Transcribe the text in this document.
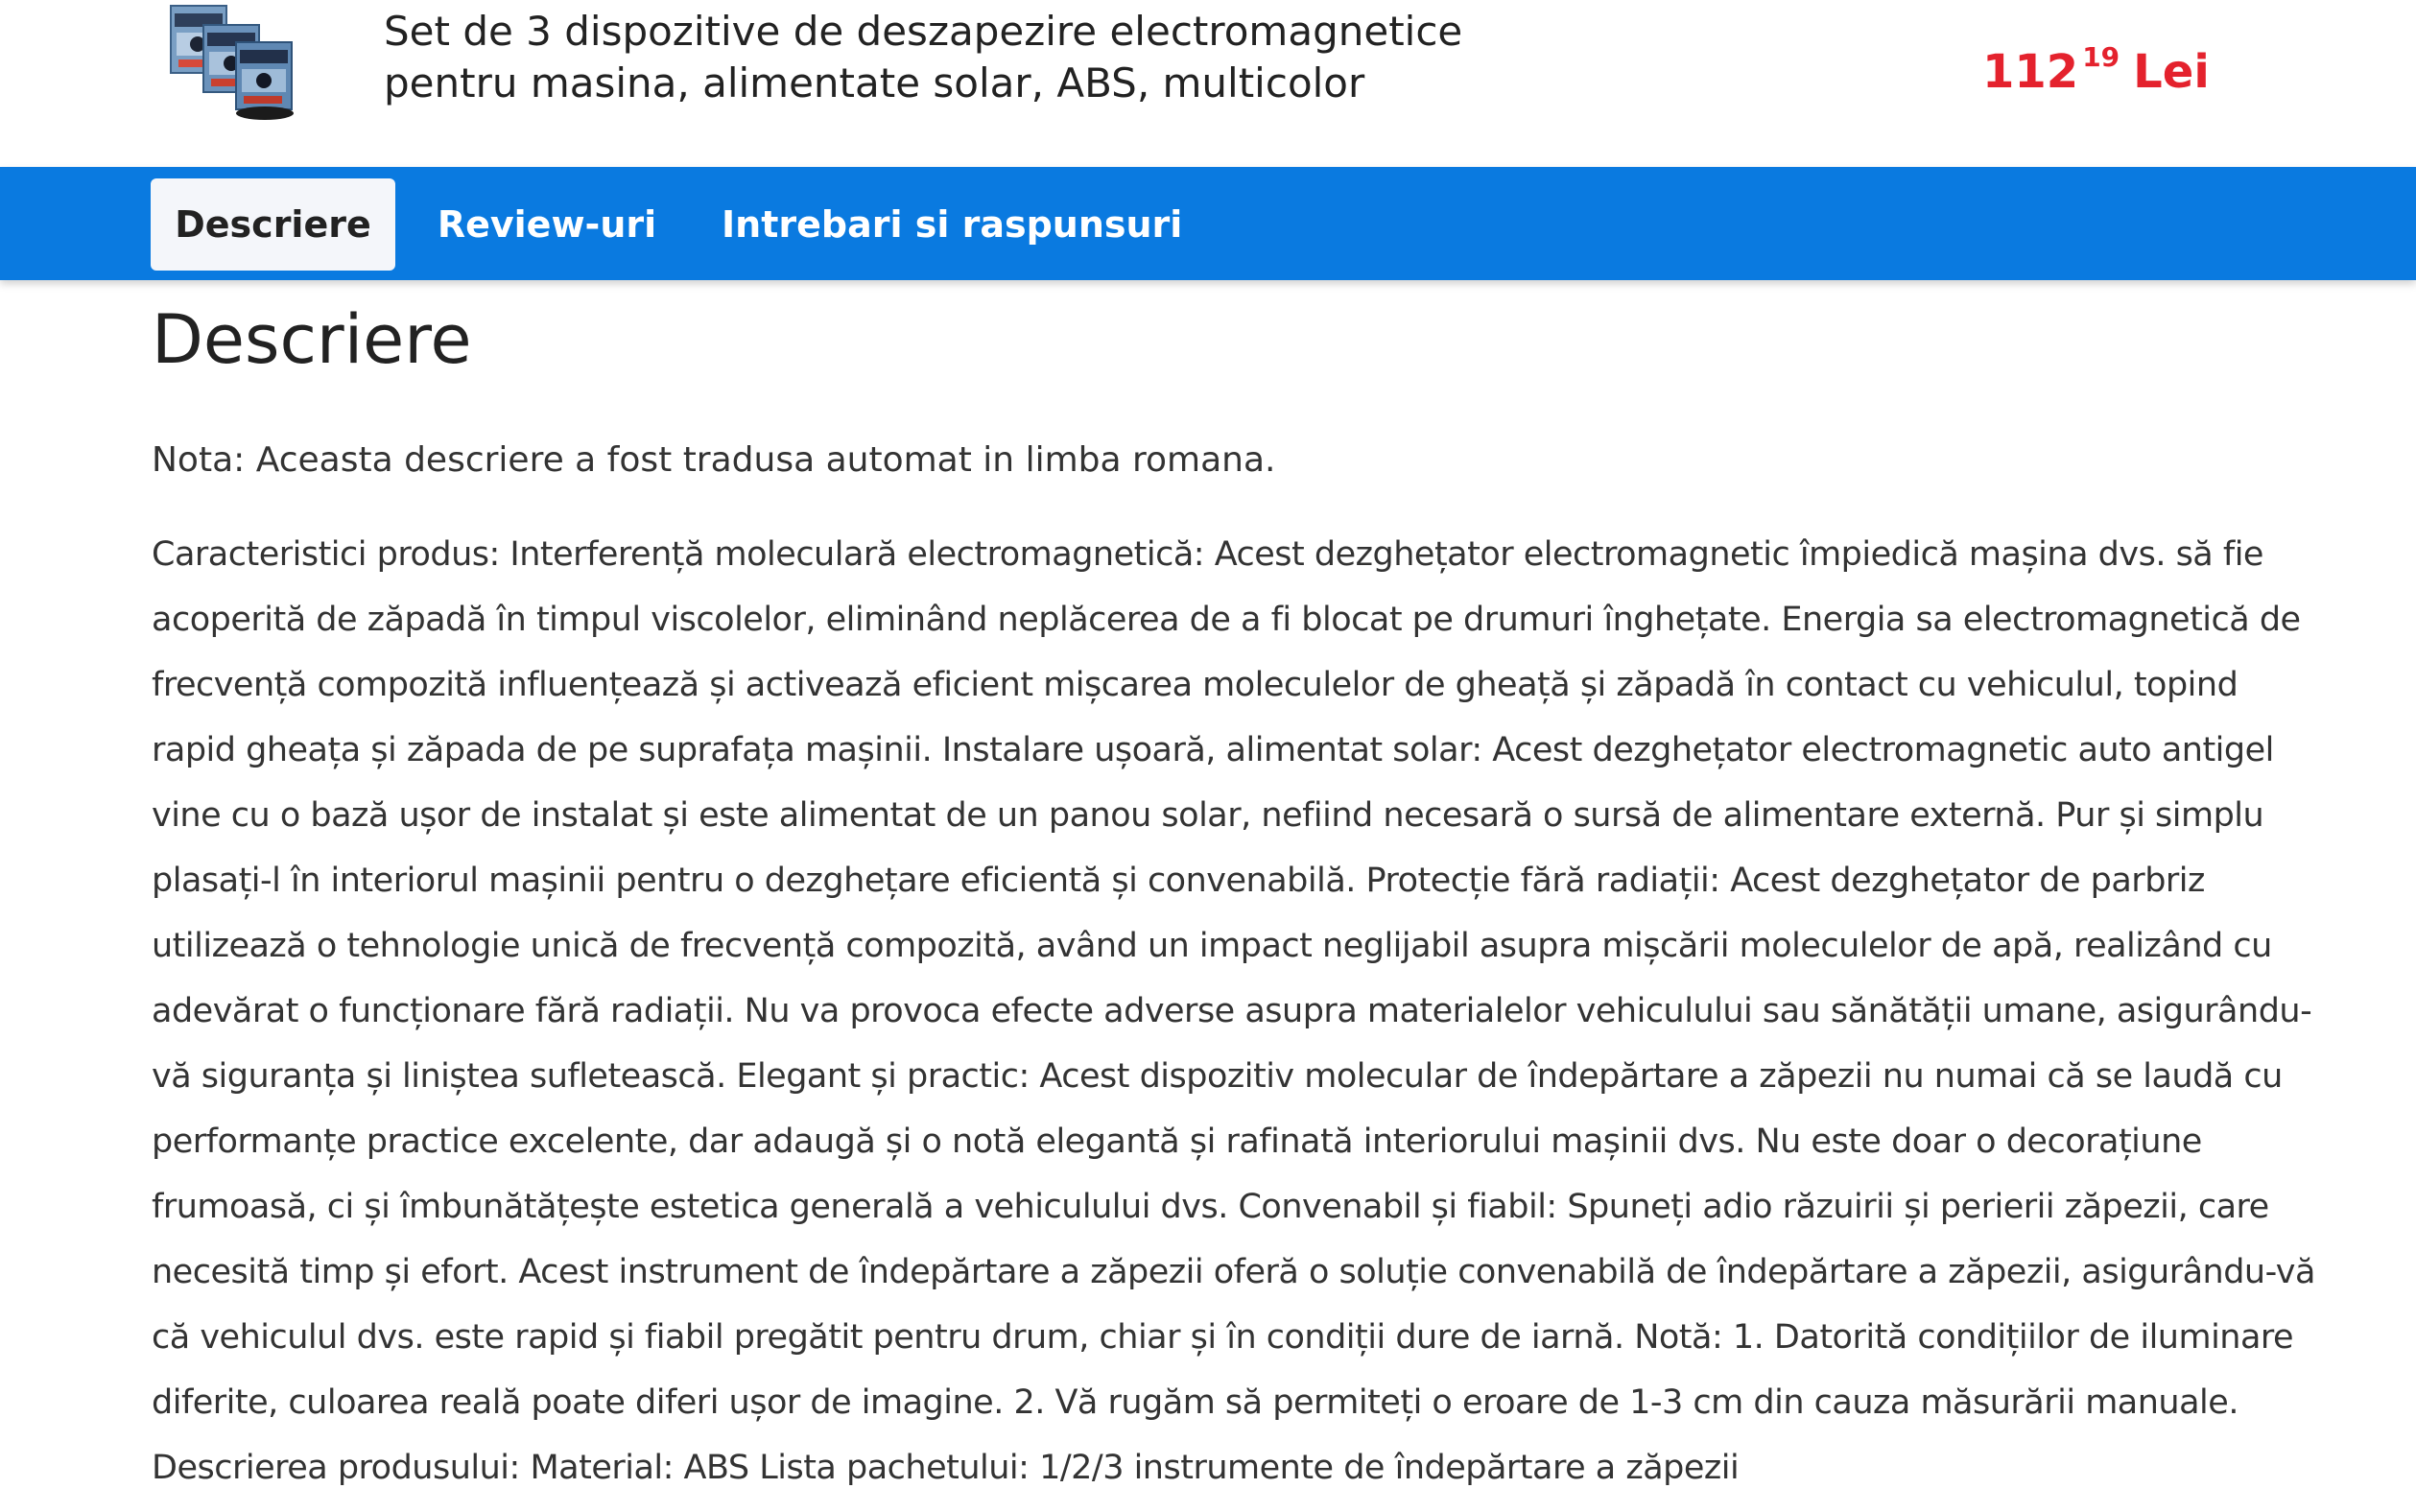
Set de 3 dispozitive de deszapezire electromagnetice
pentru masina, alimentate solar, ABS, multicolor	112 $^{19}$ Lei
Descriere	Review-uri Intrebari si raspunsuri
Descriere

Nota: Aceasta descriere a fost tradusa automat in limba romana.

Caracteristici produs: Interferență moleculară electromagnetică: Acest dezghețator electromagnetic împiedică mașina dvs. să fie acoperită de zăpadă în timpul viscolelor, eliminând neplăcerea de a fi blocat pe drumuri înghețate. Energia sa electromagnetică de frecvență compozită influențează și activează eficient mișcarea moleculelor de gheață și zăpadă în contact cu vehiculul, topind rapid gheața și zăpada de pe suprafața mașinii. Instalare ușoară, alimentat solar: Acest dezghețator electromagnetic auto antigel vine cu o bază ușor de instalat și este alimentat de un panou solar, nefiind necesară o sursă de alimentare externă. Pur și simplu plasați-l în interiorul mașinii pentru o dezghețare eficientă și convenabilă. Protecție fără radiații: Acest dezghețator de parbriz utilizează o tehnologie unică de frecvență compozită, având un impact neglijabil asupra mișcării moleculelor de apă, realizând cu adevărat o funcționare fără radiații. Nu va provoca efecte adverse asupra materialelor vehiculului sau sănătății umane, asigurându-vă siguranța și liniștea sufletească. Elegant și practic: Acest dispozitiv molecular de îndepărtare a zăpezii nu numai că se laudă cu performanțe practice excelente, dar adaugă și o notă elegantă și rafinată interiorului mașinii dvs. Nu este doar o decorațiune frumoasă, ci și îmbunătățește estetica generală a vehiculului dvs. Convenabil și fiabil: Spuneți adio răzuirii și perierii zăpezii, care necesită timp și efort. Acest instrument de îndepărtare a zăpezii oferă o soluție convenabilă de îndepărtare a zăpezii, asigurându-vă că vehiculul dvs. este rapid și fiabil pregătit pentru drum, chiar și în condiții dure de iarnă. Notă: 1. Datorită condițiilor de iluminare diferite, culoarea reală poate diferi ușor de imagine. 2. Vă rugăm să permiteți o eroare de 1-3 cm din cauza măsurării manuale. Descrierea produsului: Material: ABS Lista pachetului: 1/2/3 instrumente de îndepărtare a zăpezii
